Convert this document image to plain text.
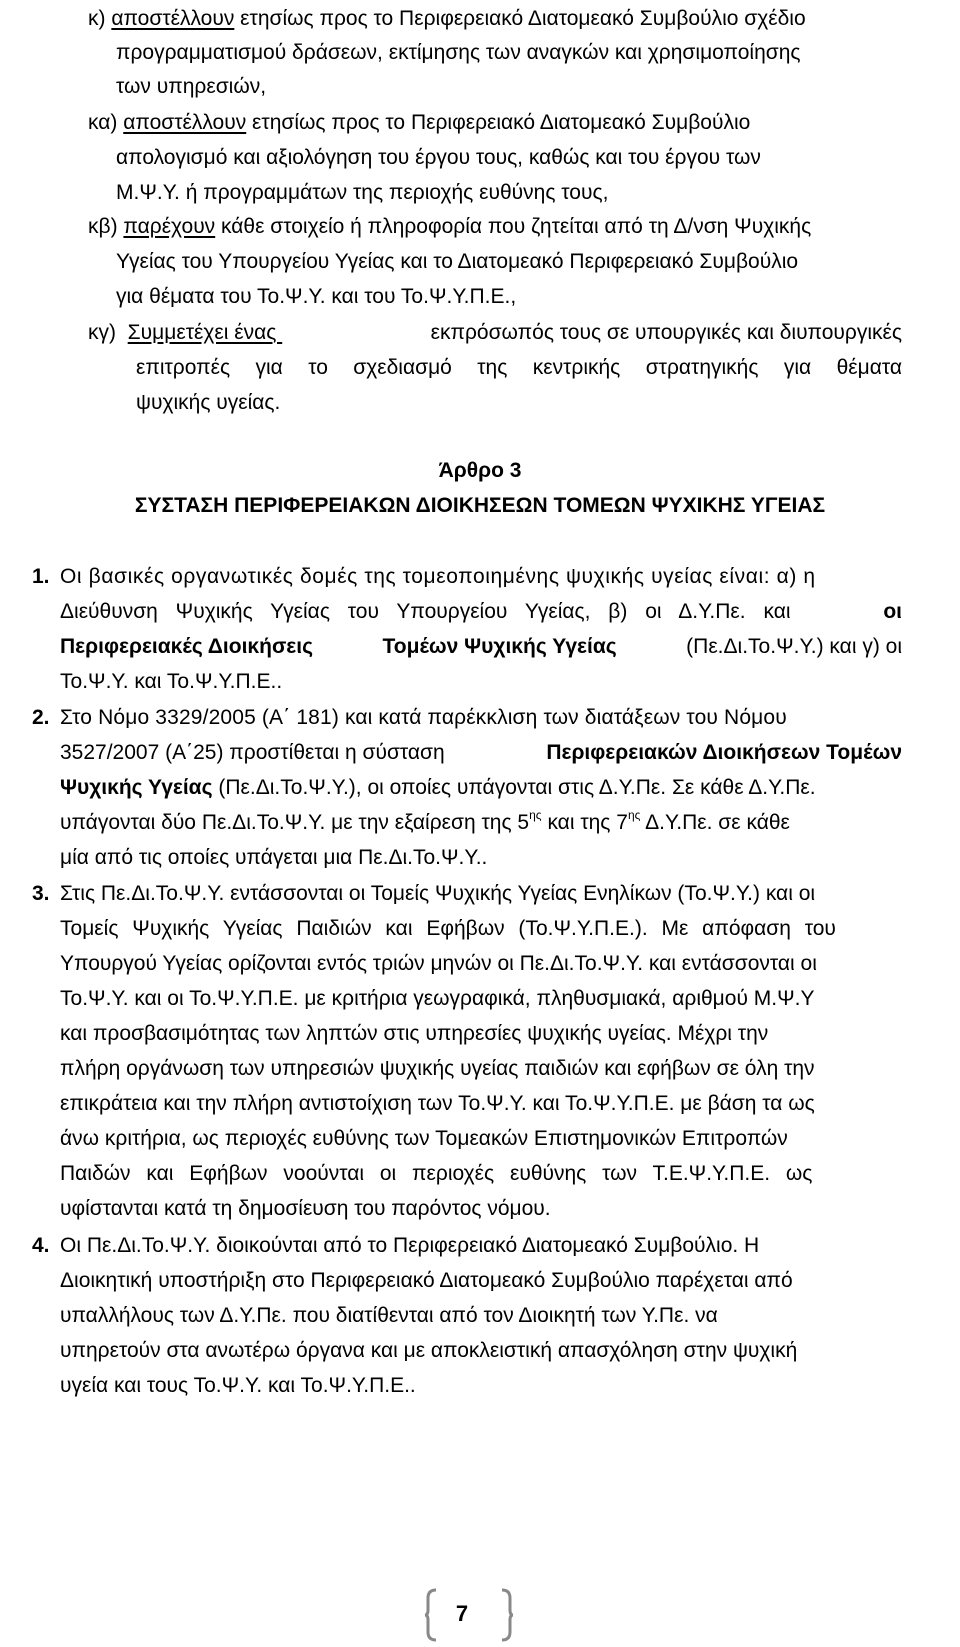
κ) αποστέλλουν ετησίως προς το Περιφερειακό Διατομεακό Συμβούλιο σχέδιο
προγραμματισμού δράσεων, εκτίμησης των αναγκών και χρησιμοποίησης
των υπηρεσιών,
κα) αποστέλλουν ετησίως προς το Περιφερειακό Διατομεακό Συμβούλιο
απολογισμό και αξιολόγηση του έργου τους, καθώς και του έργου των
Μ.Ψ.Υ. ή προγραμμάτων της περιοχής ευθύνης τους,
κβ) παρέχουν κάθε στοιχείο ή πληροφορία που ζητείται από τη Δ/νση Ψυχικής
Υγείας του Υπουργείου Υγείας και το Διατομεακό Περιφερειακό Συμβούλιο
για θέματα του Το.Ψ.Υ. και του Το.Ψ.Υ.Π.Ε.,
κγ) Συμμετέχει ένας	εκπρόσωπός τους σε υπουργικές και διυπουργικές
επιτροπές για το σχεδιασμό της κεντρικής στρατηγικής για θέματα
ψυχικής υγείας.
Άρθρο 3
ΣΥΣΤΑΣΗ ΠΕΡΙΦΕΡΕΙΑΚΩΝ ΔΙΟΙΚΗΣΕΩΝ ΤΟΜΕΩΝ ΨΥΧΙΚΗΣ ΥΓΕΙΑΣ
1. Οι βασικές οργανωτικές δομές της τομεοποιημένης ψυχικής υγείας είναι: α) η
Διεύθυνση Ψυχικής Υγείας του Υπουργείου Υγείας, β) οι Δ.Υ.Πε. και	οι
Περιφερειακές Διοικήσεις	Τομέων Ψυχικής Υγείας	(Πε.Δι.Το.Ψ.Υ.) και γ) οι
Το.Ψ.Υ. και Το.Ψ.Υ.Π.Ε..
2. Στο Νόμο 3329/2005 (Α΄ 181) και κατά παρέκκλιση των διατάξεων του Νόμου
3527/2007 (Α΄25) προστίθεται η σύσταση	Περιφερειακών Διοικήσεων Τομέων
Ψυχικής Υγείας (Πε.Δι.Το.Ψ.Υ.), οι οποίες υπάγονται στις Δ.Υ.Πε. Σε κάθε Δ.Υ.Πε.
υπάγονται δύο Πε.Δι.Το.Ψ.Υ. με την εξαίρεση της $5^{\eta\varsigma}$ και της $7^{\eta\varsigma}$ Δ.Υ.Πε. σε κάθε
μία από τις οποίες υπάγεται μια Πε.Δι.Το.Ψ.Υ..
3. Στις Πε.Δι.Το.Ψ.Υ. εντάσσονται οι Τομείς Ψυχικής Υγείας Ενηλίκων (Το.Ψ.Υ.) και οι
Τομείς Ψυχικής Υγείας Παιδιών και Εφήβων (Το.Ψ.Υ.Π.Ε.). Με απόφαση του
Υπουργού Υγείας ορίζονται εντός τριών μηνών οι Πε.Δι.Το.Ψ.Υ. και εντάσσονται οι
Το.Ψ.Υ. και οι Το.Ψ.Υ.Π.Ε. με κριτήρια γεωγραφικά, πληθυσμιακά, αριθμού Μ.Ψ.Υ
και προσβασιμότητας των ληπτών στις υπηρεσίες ψυχικής υγείας. Μέχρι την
πλήρη οργάνωση των υπηρεσιών ψυχικής υγείας παιδιών και εφήβων σε όλη την
επικράτεια και την πλήρη αντιστοίχιση των Το.Ψ.Υ. και Το.Ψ.Υ.Π.Ε. με βάση τα ως
άνω κριτήρια, ως περιοχές ευθύνης των Τομεακών Επιστημονικών Επιτροπών
Παιδών και Εφήβων νοούνται οι περιοχές ευθύνης των Τ.Ε.Ψ.Υ.Π.Ε. ως
υφίστανται κατά τη δημοσίευση του παρόντος νόμου.
4. Οι Πε.Δι.Το.Ψ.Υ. διοικούνται από το Περιφερειακό Διατομεακό Συμβούλιο. Η
Διοικητική υποστήριξη στο Περιφερειακό Διατομεακό Συμβούλιο παρέχεται από
υπαλλήλους των Δ.Υ.Πε. που διατίθενται από τον Διοικητή των Υ.Πε. να
υπηρετούν στα ανωτέρω όργανα και με αποκλειστική απασχόληση στην ψυχική
υγεία και τους Το.Ψ.Υ. και Το.Ψ.Υ.Π.Ε..
7
